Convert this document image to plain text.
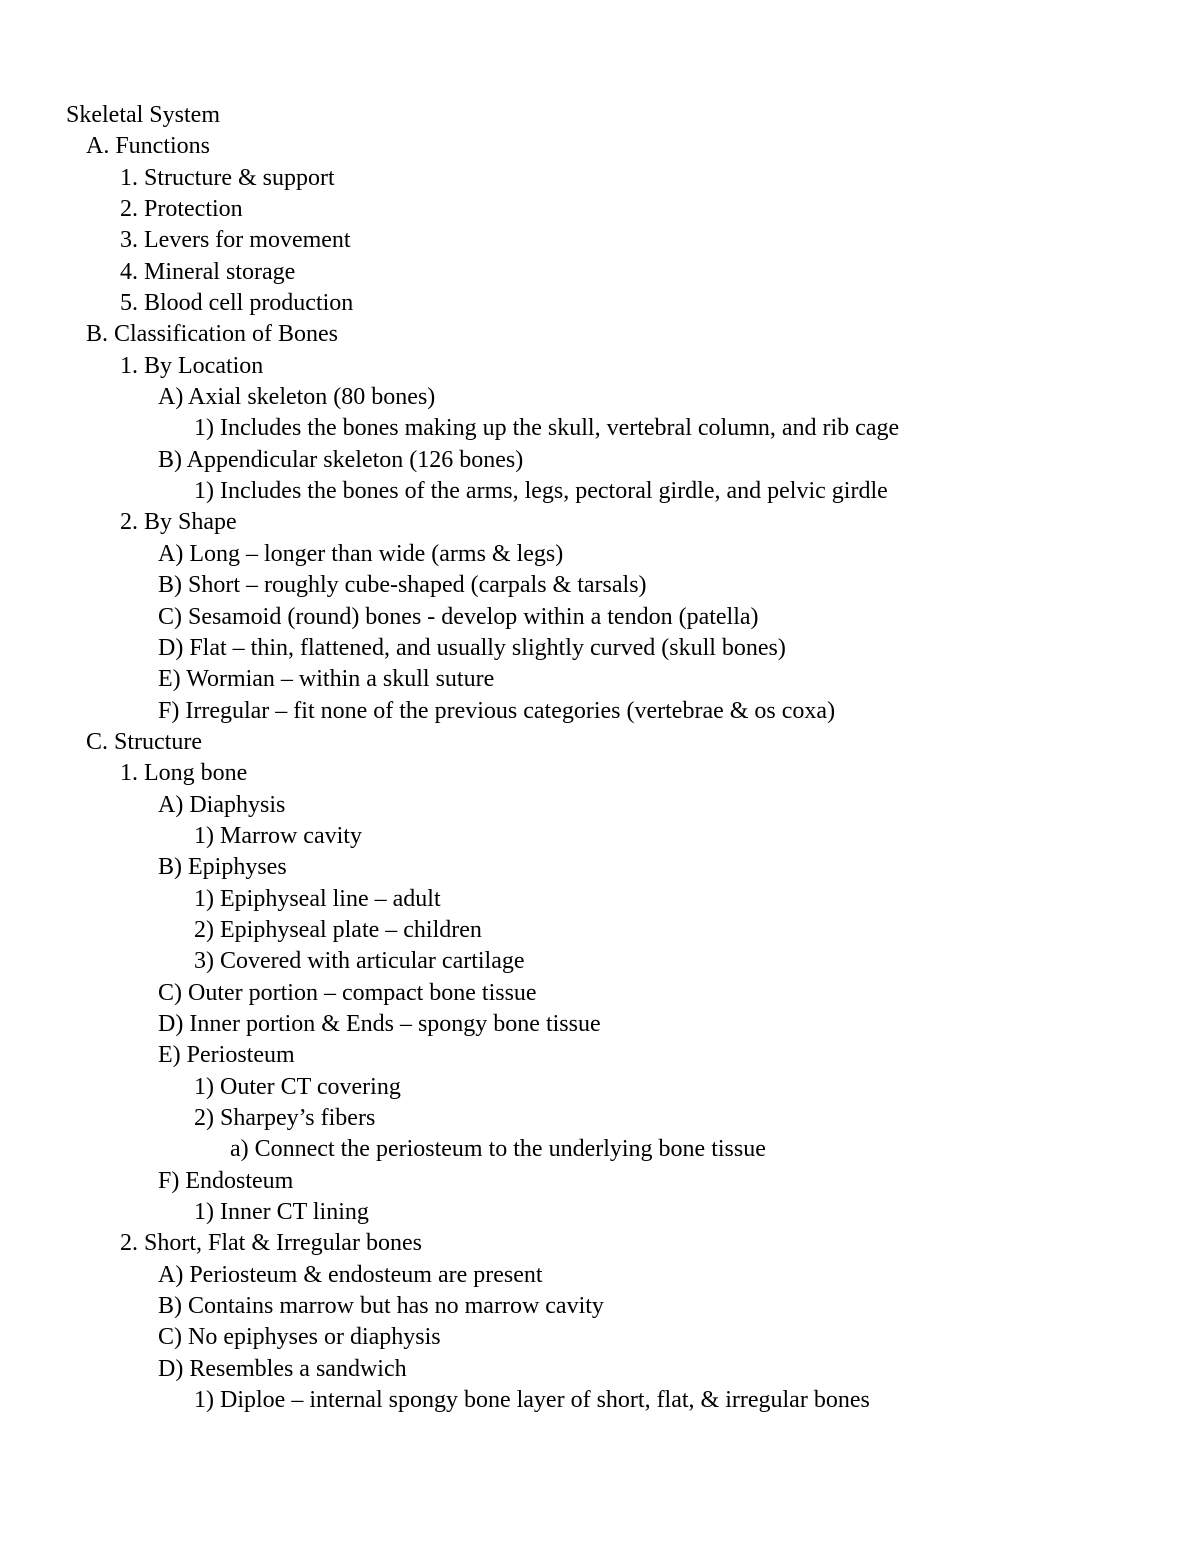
Skeletal System
A. Functions
1. Structure & support
2. Protection
3. Levers for movement
4. Mineral storage
5. Blood cell production
B. Classification of Bones
1. By Location
A) Axial skeleton (80 bones)
1) Includes the bones making up the skull, vertebral column, and rib cage
B) Appendicular skeleton (126 bones)
1) Includes the bones of the arms, legs, pectoral girdle, and pelvic girdle
2. By Shape
A) Long – longer than wide (arms & legs)
B) Short – roughly cube-shaped (carpals & tarsals)
C) Sesamoid (round) bones - develop within a tendon (patella)
D) Flat – thin, flattened, and usually slightly curved (skull bones)
E) Wormian – within a skull suture
F) Irregular – fit none of the previous categories (vertebrae & os coxa)
C. Structure
1. Long bone
A) Diaphysis
1) Marrow cavity
B) Epiphyses
1) Epiphyseal line – adult
2) Epiphyseal plate – children
3) Covered with articular cartilage
C) Outer portion – compact bone tissue
D) Inner portion & Ends – spongy bone tissue
E) Periosteum
1) Outer CT covering
2) Sharpey’s fibers
a) Connect the periosteum to the underlying bone tissue
F) Endosteum
1) Inner CT lining
2. Short, Flat & Irregular bones
A) Periosteum & endosteum are present
B) Contains marrow but has no marrow cavity
C) No epiphyses or diaphysis
D) Resembles a sandwich
1) Diploe – internal spongy bone layer of short, flat, & irregular bones
